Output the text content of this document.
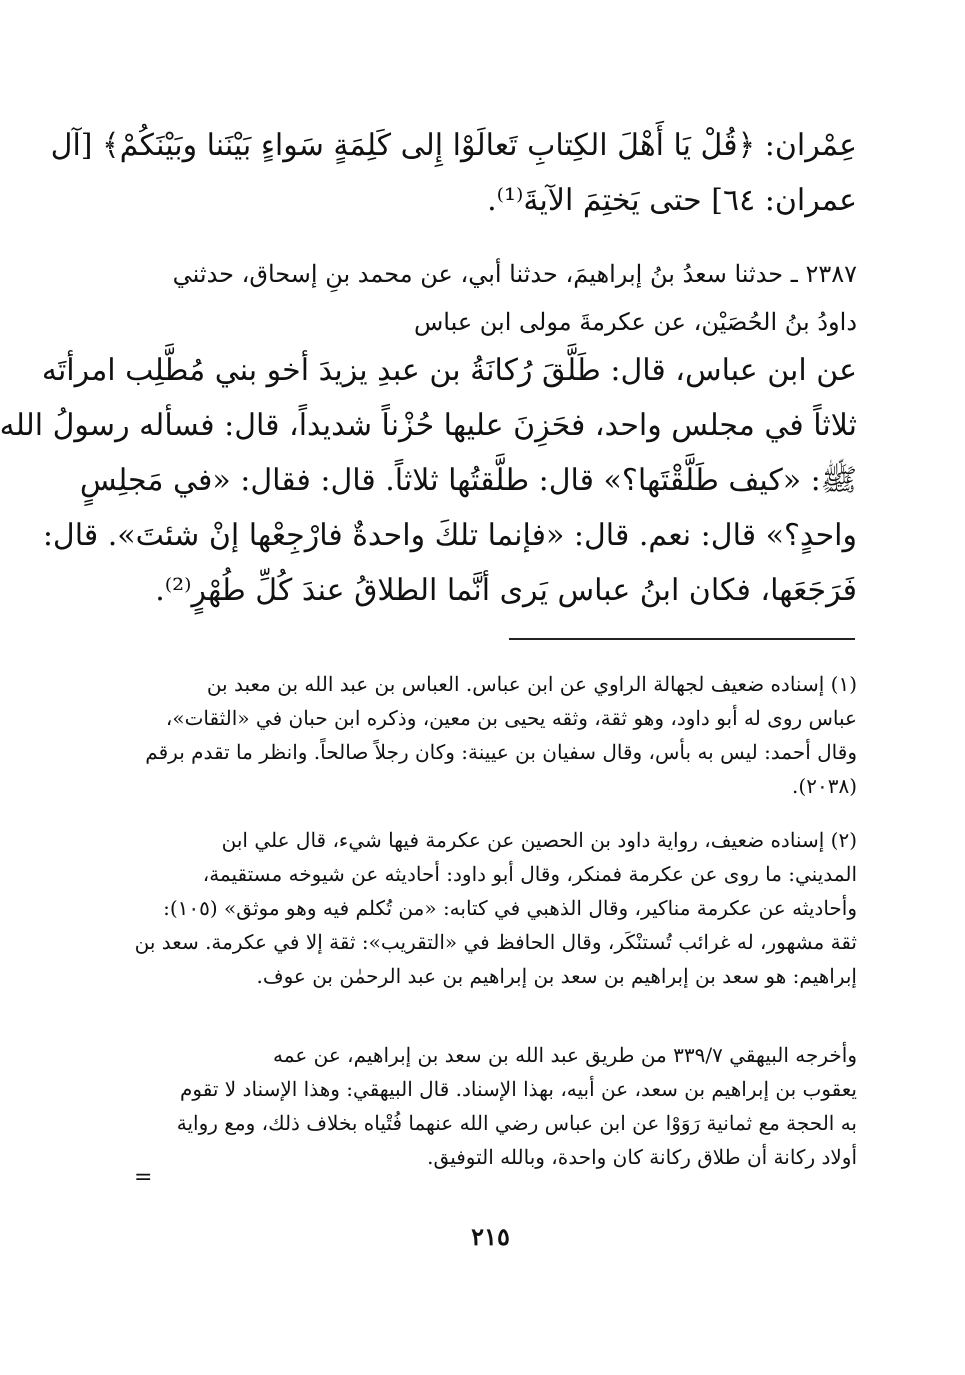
عِمْران: ﴿قُلْ يَا أَهْلَ الكِتابِ تَعالَوْا إِلى كَلِمَةٍ سَواءٍ بَيْنَنا وبَيْنَكُمْ﴾ [آل
عمران: ٦٤] حتى يَختِمَ الآيةَ⁽¹⁾.
٢٣٨٧ ـ حدثنا سعدُ بنُ إبراهيمَ، حدثنا أبي، عن محمد بنِ إسحاق، حدثني
داودُ بنُ الحُصَيْن، عن عكرمةَ مولى ابن عباس
عن ابن عباس، قال: طَلَّقَ رُكانَةُ بن عبدِ يزيدَ أخو بني مُطَّلِب امرأتَه
ثلاثاً في مجلس واحد، فحَزِنَ عليها حُزْناً شديداً، قال: فسأله رسولُ الله
ﷺ: «كيف طَلَّقْتَها؟» قال: طلَّقتُها ثلاثاً. قال: فقال: «في مَجلِسٍ
واحدٍ؟» قال: نعم. قال: «فإنما تلكَ واحدةٌ فارْجِعْها إنْ شئتَ». قال:
فَرَجَعَها، فكان ابنُ عباس يَرى أنَّما الطلاقُ عندَ كُلِّ طُهْرٍ⁽²⁾.
(١) إسناده ضعيف لجهالة الراوي عن ابن عباس. العباس بن عبد الله بن معبد بن
عباس روى له أبو داود، وهو ثقة، وثقه يحيى بن معين، وذكره ابن حبان في «الثقات»،
وقال أحمد: ليس به بأس، وقال سفيان بن عيينة: وكان رجلاً صالحاً. وانظر ما تقدم برقم
(٢٠٣٨).
(٢) إسناده ضعيف، رواية داود بن الحصين عن عكرمة فيها شيء، قال علي ابن
المديني: ما روى عن عكرمة فمنكر، وقال أبو داود: أحاديثه عن شيوخه مستقيمة،
وأحاديثه عن عكرمة مناكير، وقال الذهبي في كتابه: «من تُكلم فيه وهو موثق» (١٠٥):
ثقة مشهور، له غرائب تُستنْكَر، وقال الحافظ في «التقريب»: ثقة إلا في عكرمة. سعد بن
إبراهيم: هو سعد بن إبراهيم بن سعد بن إبراهيم بن عبد الرحمٰن بن عوف.
وأخرجه البيهقي ٣٣٩/٧ من طريق عبد الله بن سعد بن إبراهيم، عن عمه
يعقوب بن إبراهيم بن سعد، عن أبيه، بهذا الإسناد. قال البيهقي: وهذا الإسناد لا تقوم
به الحجة مع ثمانية رَوَوْا عن ابن عباس رضي الله عنهما فُتْياه بخلاف ذلك، ومع رواية
أولاد ركانة أن طلاق ركانة كان واحدة، وبالله التوفيق.
=
٢١٥
